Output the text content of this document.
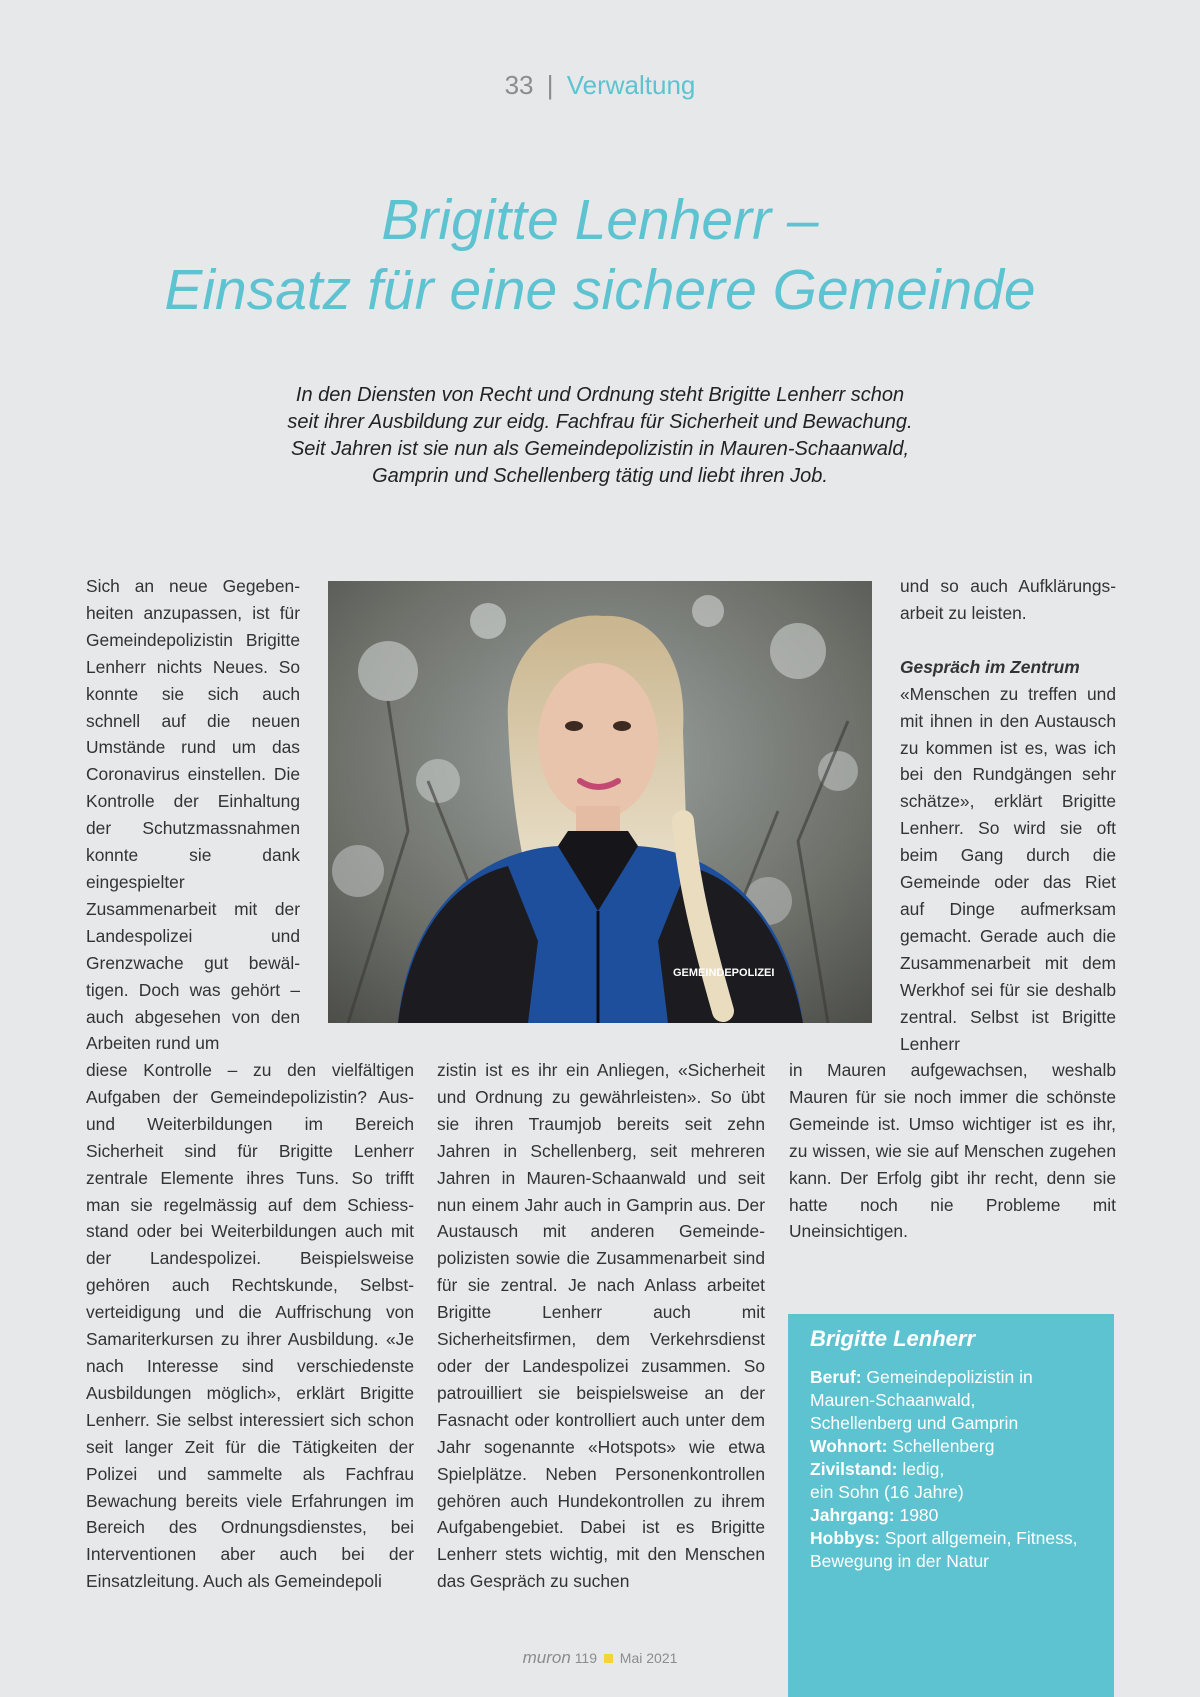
33 | Verwaltung
Brigitte Lenherr –
Einsatz für eine sichere Gemeinde
In den Diensten von Recht und Ordnung steht Brigitte Lenherr schon
seit ihrer Ausbildung zur eidg. Fachfrau für Sicherheit und Bewachung.
Seit Jahren ist sie nun als Gemeindepolizistin in Mauren-Schaanwald,
Gamprin und Schellenberg tätig und liebt ihren Job.

Sich an neue Gegebenheiten anzupassen, ist für Gemeindepolizistin Brigitte Lenherr nichts Neues. So konnte sie sich auch schnell auf die neuen Umstände rund um das Coronavirus einstellen. Die Kontrolle der Einhaltung der Schutzmassnahmen konnte sie dank eingespielter Zusammenarbeit mit der Landespolizei und Grenzwache gut bewältigen. Doch was gehört – auch abgesehen von den Arbeiten rund um

GEMEINDEPOLIZEI

und so auch Aufklärungsarbeit zu leisten.

Gespräch im Zentrum

«Menschen zu treffen und mit ihnen in den Austausch zu kommen ist es, was ich bei den Rundgängen sehr schätze», erklärt Brigitte Lenherr. So wird sie oft beim Gang durch die Gemeinde oder das Riet auf Dinge aufmerksam gemacht. Gerade auch die Zusammenarbeit mit dem Werkhof sei für sie deshalb zentral. Selbst ist Brigitte Lenherr

diese Kontrolle – zu den vielfältigen Aufgaben der Gemeindepolizistin? Aus- und Weiterbildungen im Bereich Sicherheit sind für Brigitte Lenherr zentrale Elemente ihres Tuns. So trifft man sie regelmässig auf dem Schiessstand oder bei Weiterbildungen auch mit der Landespolizei. Beispielsweise gehören auch Rechtskunde, Selbstverteidigung und die Auffrischung von Samariterkursen zu ihrer Ausbildung. «Je nach Interesse sind verschiedenste Ausbildungen möglich», erklärt Brigitte Lenherr. Sie selbst interessiert sich schon seit langer Zeit für die Tätigkeiten der Polizei und sammelte als Fachfrau Bewachung bereits viele Erfahrungen im Bereich des Ordnungsdienstes, bei Interventionen aber auch bei der Einsatzleitung. Auch als Gemeindepoli

zistin ist es ihr ein Anliegen, «Sicherheit und Ordnung zu gewährleisten». So übt sie ihren Traumjob bereits seit zehn Jahren in Schellenberg, seit mehreren Jahren in Mauren-Schaanwald und seit nun einem Jahr auch in Gamprin aus. Der Austausch mit anderen Gemeindepolizisten sowie die Zusammenarbeit sind für sie zentral. Je nach Anlass arbeitet Brigitte Lenherr auch mit Sicherheitsfirmen, dem Verkehrsdienst oder der Landespolizei zusammen. So patrouilliert sie beispielsweise an der Fasnacht oder kontrolliert auch unter dem Jahr sogenannte «Hotspots» wie etwa Spielplätze. Neben Personenkontrollen gehören auch Hundekontrollen zu ihrem Aufgabengebiet. Dabei ist es Brigitte Lenherr stets wichtig, mit den Menschen das Gespräch zu suchen

in Mauren aufgewachsen, weshalb Mauren für sie noch immer die schönste Gemeinde ist. Umso wichtiger ist es ihr, zu wissen, wie sie auf Menschen zugehen kann. Der Erfolg gibt ihr recht, denn sie hatte noch nie Probleme mit Uneinsichtigen.

Brigitte Lenherr
Beruf: Gemeindepolizistin in
Mauren-Schaanwald,
Schellenberg und Gamprin
Wohnort: Schellenberg
Zivilstand: ledig,
ein Sohn (16 Jahre)
Jahrgang: 1980
Hobbys: Sport allgemein, Fitness,
Bewegung in der Natur
muron 119 Mai 2021
